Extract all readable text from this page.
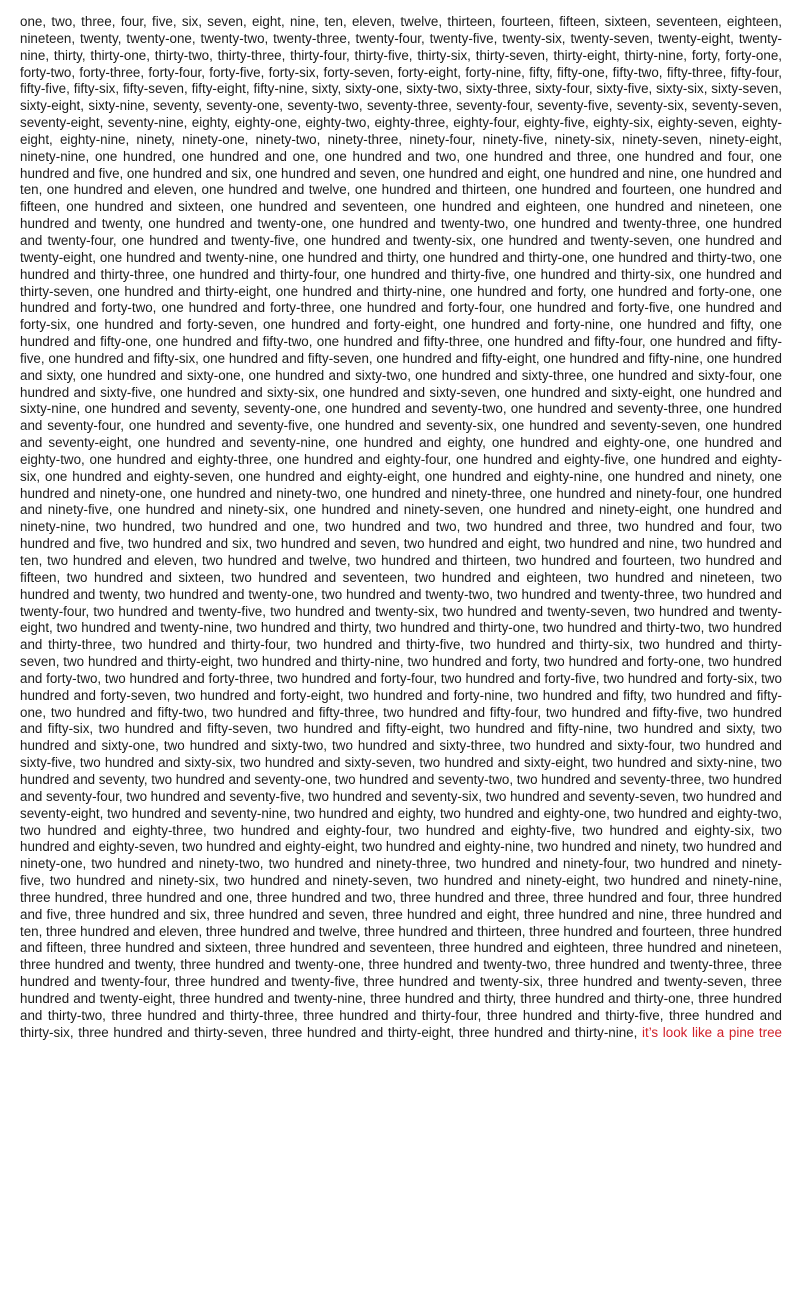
one, two, three, four, five, six, seven, eight, nine, ten, eleven, twelve, thirteen, fourteen, fifteen, sixteen, seventeen, eighteen, nineteen, twenty, twenty-one, twenty-two, twenty-three, twenty-four, twenty-five, twenty-six, twenty-seven, twenty-eight, twenty-nine, thirty, thirty-one, thirty-two, thirty-three, thirty-four, thirty-five, thirty-six, thirty-seven, thirty-eight, thirty-nine, forty, forty-one, forty-two, forty-three, forty-four, forty-five, forty-six, forty-seven, forty-eight, forty-nine, fifty, fifty-one, fifty-two, fifty-three, fifty-four, fifty-five, fifty-six, fifty-seven, fifty-eight, fifty-nine, sixty, sixty-one, sixty-two, sixty-three, sixty-four, sixty-five, sixty-six, sixty-seven, sixty-eight, sixty-nine, seventy, seventy-one, seventy-two, seventy-three, seventy-four, seventy-five, seventy-six, seventy-seven, seventy-eight, seventy-nine, eighty, eighty-one, eighty-two, eighty-three, eighty-four, eighty-five, eighty-six, eighty-seven, eighty-eight, eighty-nine, ninety, ninety-one, ninety-two, ninety-three, ninety-four, ninety-five, ninety-six, ninety-seven, ninety-eight, ninety-nine, one hundred, one hundred and one, one hundred and two, one hundred and three, one hundred and four, one hundred and five, one hundred and six, one hundred and seven, one hundred and eight, one hundred and nine, one hundred and ten, one hundred and eleven, one hundred and twelve, one hundred and thirteen, one hundred and fourteen, one hundred and fifteen, one hundred and sixteen, one hundred and seventeen, one hundred and eighteen, one hundred and nineteen, one hundred and twenty, one hundred and twenty-one, one hundred and twenty-two, one hundred and twenty-three, one hundred and twenty-four, one hundred and twenty-five, one hundred and twenty-six, one hundred and twenty-seven, one hundred and twenty-eight, one hundred and twenty-nine, one hundred and thirty, one hundred and thirty-one, one hundred and thirty-two, one hundred and thirty-three, one hundred and thirty-four, one hundred and thirty-five, one hundred and thirty-six, one hundred and thirty-seven, one hundred and thirty-eight, one hundred and thirty-nine, one hundred and forty, one hundred and forty-one, one hundred and forty-two, one hundred and forty-three, one hundred and forty-four, one hundred and forty-five, one hundred and forty-six, one hundred and forty-seven, one hundred and forty-eight, one hundred and forty-nine, one hundred and fifty, one hundred and fifty-one, one hundred and fifty-two, one hundred and fifty-three, one hundred and fifty-four, one hundred and fifty-five, one hundred and fifty-six, one hundred and fifty-seven, one hundred and fifty-eight, one hundred and fifty-nine, one hundred and sixty, one hundred and sixty-one, one hundred and sixty-two, one hundred and sixty-three, one hundred and sixty-four, one hundred and sixty-five, one hundred and sixty-six, one hundred and sixty-seven, one hundred and sixty-eight, one hundred and sixty-nine, one hundred and seventy, seventy-one, one hundred and seventy-two, one hundred and seventy-three, one hundred and seventy-four, one hundred and seventy-five, one hundred and seventy-six, one hundred and seventy-seven, one hundred and seventy-eight, one hundred and seventy-nine, one hundred and eighty, one hundred and eighty-one, one hundred and eighty-two, one hundred and eighty-three, one hundred and eighty-four, one hundred and eighty-five, one hundred and eighty-six, one hundred and eighty-seven, one hundred and eighty-eight, one hundred and eighty-nine, one hundred and ninety, one hundred and ninety-one, one hundred and ninety-two, one hundred and ninety-three, one hundred and ninety-four, one hundred and ninety-five, one hundred and ninety-six, one hundred and ninety-seven, one hundred and ninety-eight, one hundred and ninety-nine, two hundred, two hundred and one, two hundred and two, two hundred and three, two hundred and four, two hundred and five, two hundred and six, two hundred and seven, two hundred and eight, two hundred and nine, two hundred and ten, two hundred and eleven, two hundred and twelve, two hundred and thirteen, two hundred and fourteen, two hundred and fifteen, two hundred and sixteen, two hundred and seventeen, two hundred and eighteen, two hundred and nineteen, two hundred and twenty, two hundred and twenty-one, two hundred and twenty-two, two hundred and twenty-three, two hundred and twenty-four, two hundred and twenty-five, two hundred and twenty-six, two hundred and twenty-seven, two hundred and twenty-eight, two hundred and twenty-nine, two hundred and thirty, two hundred and thirty-one, two hundred and thirty-two, two hundred and thirty-three, two hundred and thirty-four, two hundred and thirty-five, two hundred and thirty-six, two hundred and thirty-seven, two hundred and thirty-eight, two hundred and thirty-nine, two hundred and forty, two hundred and forty-one, two hundred and forty-two, two hundred and forty-three, two hundred and forty-four, two hundred and forty-five, two hundred and forty-six, two hundred and forty-seven, two hundred and forty-eight, two hundred and forty-nine, two hundred and fifty, two hundred and fifty-one, two hundred and fifty-two, two hundred and fifty-three, two hundred and fifty-four, two hundred and fifty-five, two hundred and fifty-six, two hundred and fifty-seven, two hundred and fifty-eight, two hundred and fifty-nine, two hundred and sixty, two hundred and sixty-one, two hundred and sixty-two, two hundred and sixty-three, two hundred and sixty-four, two hundred and sixty-five, two hundred and sixty-six, two hundred and sixty-seven, two hundred and sixty-eight, two hundred and sixty-nine, two hundred and seventy, two hundred and seventy-one, two hundred and seventy-two, two hundred and seventy-three, two hundred and seventy-four, two hundred and seventy-five, two hundred and seventy-six, two hundred and seventy-seven, two hundred and seventy-eight, two hundred and seventy-nine, two hundred and eighty, two hundred and eighty-one, two hundred and eighty-two, two hundred and eighty-three, two hundred and eighty-four, two hundred and eighty-five, two hundred and eighty-six, two hundred and eighty-seven, two hundred and eighty-eight, two hundred and eighty-nine, two hundred and ninety, two hundred and ninety-one, two hundred and ninety-two, two hundred and ninety-three, two hundred and ninety-four, two hundred and ninety-five, two hundred and ninety-six, two hundred and ninety-seven, two hundred and ninety-eight, two hundred and ninety-nine, three hundred, three hundred and one, three hundred and two, three hundred and three, three hundred and four, three hundred and five, three hundred and six, three hundred and seven, three hundred and eight, three hundred and nine, three hundred and ten, three hundred and eleven, three hundred and twelve, three hundred and thirteen, three hundred and fourteen, three hundred and fifteen, three hundred and sixteen, three hundred and seventeen, three hundred and eighteen, three hundred and nineteen, three hundred and twenty, three hundred and twenty-one, three hundred and twenty-two, three hundred and twenty-three, three hundred and twenty-four, three hundred and twenty-five, three hundred and twenty-six, three hundred and twenty-seven, three hundred and twenty-eight, three hundred and twenty-nine, three hundred and thirty, three hundred and thirty-one, three hundred and thirty-two, three hundred and thirty-three, three hundred and thirty-four, three hundred and thirty-five, three hundred and thirty-six, three hundred and thirty-seven, three hundred and thirty-eight, three hundred and thirty-nine, it’s look like a pine tree
